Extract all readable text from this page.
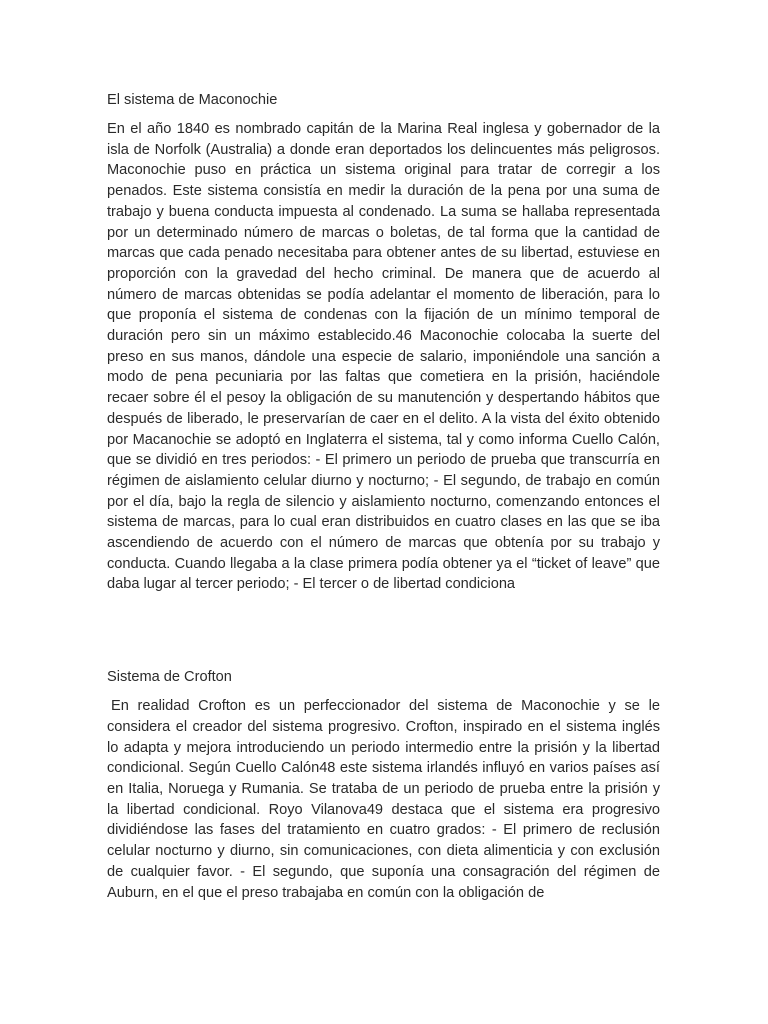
El sistema de Maconochie

En el año 1840 es nombrado capitán de la Marina Real inglesa y gobernador de la isla de Norfolk (Australia) a donde eran deportados los delincuentes más peligrosos. Maconochie puso en práctica un sistema original para tratar de corregir a los penados. Este sistema consistía en medir la duración de la pena por una suma de trabajo y buena conducta impuesta al condenado. La suma se hallaba representada por un determinado número de marcas o boletas, de tal forma que la cantidad de marcas que cada penado necesitaba para obtener antes de su libertad, estuviese en proporción con la gravedad del hecho criminal. De manera que de acuerdo al número de marcas obtenidas se podía adelantar el momento de liberación, para lo que proponía el sistema de condenas con la fijación de un mínimo temporal de duración pero sin un máximo establecido.46 Maconochie colocaba la suerte del preso en sus manos, dándole una especie de salario, imponiéndole una sanción a modo de pena pecuniaria por las faltas que cometiera en la prisión, haciéndole recaer sobre él el pesoy la obligación de su manutención y despertando hábitos que después de liberado, le preservarían de caer en el delito. A la vista del éxito obtenido por Macanochie se adoptó en Inglaterra el sistema, tal y como informa Cuello Calón, que se dividió en tres periodos: - El primero un periodo de prueba que transcurría en régimen de aislamiento celular diurno y nocturno; - El segundo, de trabajo en común por el día, bajo la regla de silencio y aislamiento nocturno, comenzando entonces el sistema de marcas, para lo cual eran distribuidos en cuatro clases en las que se iba ascendiendo de acuerdo con el número de marcas que obtenía por su trabajo y conducta. Cuando llegaba a la clase primera podía obtener ya el “ticket of leave” que daba lugar al tercer periodo; - El tercer o de libertad condiciona

Sistema de Crofton

En realidad Crofton es un perfeccionador del sistema de Maconochie y se le considera el creador del sistema progresivo. Crofton, inspirado en el sistema inglés lo adapta y mejora introduciendo un periodo intermedio entre la prisión y la libertad condicional. Según Cuello Calón48 este sistema irlandés influyó en varios países así en Italia, Noruega y Rumania. Se trataba de un periodo de prueba entre la prisión y la libertad condicional. Royo Vilanova49 destaca que el sistema era progresivo dividiéndose las fases del tratamiento en cuatro grados: - El primero de reclusión celular nocturno y diurno, sin comunicaciones, con dieta alimenticia y con exclusión de cualquier favor. - El segundo, que suponía una consagración del régimen de Auburn, en el que el preso trabajaba en común con la obligación de
